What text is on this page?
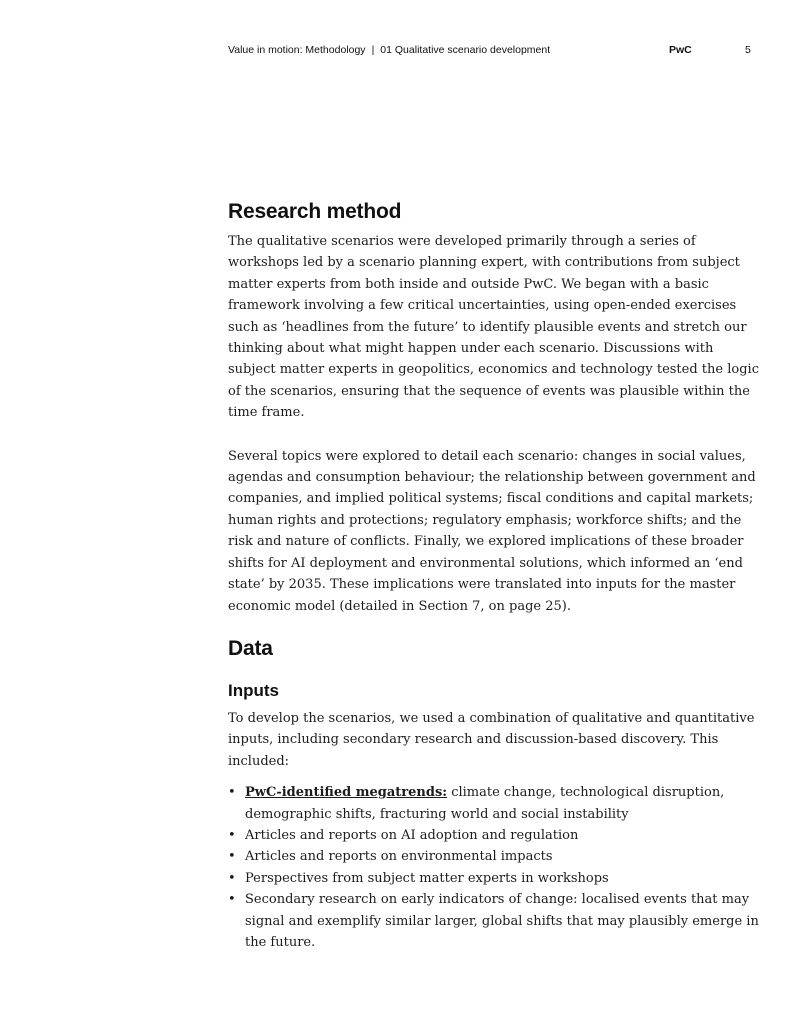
Value in motion: Methodology | 01 Qualitative scenario development	PwC	5
Research method

The qualitative scenarios were developed primarily through a series of workshops led by a scenario planning expert, with contributions from subject matter experts from both inside and outside PwC. We began with a basic framework involving a few critical uncertainties, using open-ended exercises such as ‘headlines from the future’ to identify plausible events and stretch our thinking about what might happen under each scenario. Discussions with subject matter experts in geopolitics, economics and technology tested the logic of the scenarios, ensuring that the sequence of events was plausible within the time frame.

Several topics were explored to detail each scenario: changes in social values, agendas and consumption behaviour; the relationship between government and companies, and implied political systems; fiscal conditions and capital markets; human rights and protections; regulatory emphasis; workforce shifts; and the risk and nature of conflicts. Finally, we explored implications of these broader shifts for AI deployment and environmental solutions, which informed an ‘end state’ by 2035. These implications were translated into inputs for the master economic model (detailed in Section 7, on page 25).

Data
Inputs

To develop the scenarios, we used a combination of qualitative and quantitative inputs, including secondary research and discussion-based discovery. This included:

• PwC-identified megatrends: climate change, technological disruption, demographic shifts, fracturing world and social instability
• Articles and reports on AI adoption and regulation
• Articles and reports on environmental impacts
• Perspectives from subject matter experts in workshops
• Secondary research on early indicators of change: localised events that may signal and exemplify similar larger, global shifts that may plausibly emerge in the future.
